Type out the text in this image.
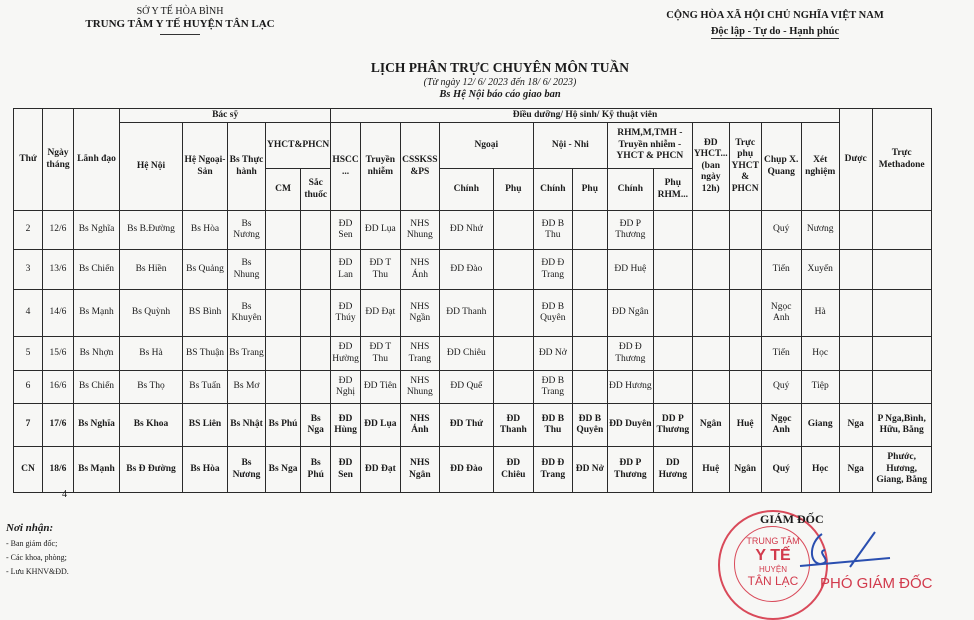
SỞ Y TẾ HÒA BÌNH
TRUNG TÂM Y TẾ HUYỆN TÂN LẠC
CỘNG HÒA XÃ HỘI CHỦ NGHĨA VIỆT NAM
Độc lập - Tự do - Hạnh phúc
LỊCH PHÂN TRỰC CHUYÊN MÔN TUẦN
(Từ ngày 12/ 6/ 2023 đến 18/ 6/ 2023)
Bs Hệ Nội báo cáo giao ban
Thứ	Ngày tháng	Lãnh đạo	Bác sỹ					Điều dưỡng/ Hộ sinh/ Kỹ thuật viên													Dược	Trực Methadone
			Hệ Nội	Hệ Ngoại-Sản	Bs Thực hành	YHCT&PHCN		HSCC ...	Truyền nhiễm	CSSKSS &PS	Ngoại		Nội - Nhi		RHM,M,TMH - Truyền nhiễm - YHCT & PHCN		ĐD YHCT... (ban ngày 12h)	Trực phụ YHCT & PHCN	Chụp X. Quang	Xét nghiệm		
						CM	Sắc thuốc				Chính	Phụ	Chính	Phụ	Chính	Phụ RHM...						
2	12/6	Bs Nghĩa	Bs B.Đường	Bs Hòa	Bs Nương			ĐD Sen	ĐD Lụa	NHS Nhung	ĐD Nhứ		ĐD B Thu		ĐD P Thương				Quý	Nương		
3	13/6	Bs Chiến	Bs Hiền	Bs Quảng	Bs Nhung			ĐD Lan	ĐD T Thu	NHS Ánh	ĐD Đào		ĐD Đ Trang		ĐD Huệ				Tiến	Xuyến		
4	14/6	Bs Mạnh	Bs Quỳnh	BS Bình	Bs Khuyên			ĐD Thúy	ĐD Đạt	NHS Ngần	ĐD Thanh		ĐD B Quyên		ĐD Ngân				Ngọc Anh	Hà		
5	15/6	Bs Nhợn	Bs Hà	BS Thuận	Bs Trang			ĐD Hường	ĐD T Thu	NHS Trang	ĐD Chiêu		ĐD Nở		ĐD Đ Thương				Tiến	Học		
6	16/6	Bs Chiến	Bs Thọ	Bs Tuấn	Bs Mơ			ĐD Nghị	ĐD Tiên	NHS Nhung	ĐD Quế		ĐD B Trang		ĐD Hương				Quý	Tiệp		
7	17/6	Bs Nghĩa	Bs Khoa	BS Liên	Bs Nhật	Bs Phú	Bs Nga	ĐD Hùng	ĐD Lụa	NHS Ánh	ĐD Thứ	ĐD Thanh	ĐD B Thu	ĐD B Quyên	ĐD Duyên	DD P Thương	Ngân	Huệ	Ngọc Anh	Giang	Nga	P Nga,Bình, Hữu, Bằng
CN	18/6	Bs Mạnh	Bs Đ Đường	Bs Hòa	Bs Nương	Bs Nga	Bs Phú	ĐD Sen	ĐD Đạt	NHS Ngân	ĐD Đào	ĐD Chiêu	ĐD Đ Trang	ĐD Nở	ĐD P Thương	DD Hương	Huệ	Ngân	Quý	Học	Nga	Phước, Hương, Giang, Bằng
4
Nơi nhận:
- Ban giám đốc;
- Các khoa, phòng;
- Lưu KHNV&ĐD.
TRUNG TÂM
Y TẾ
HUYỆN
TÂN LẠC
GIÁM ĐỐC
PHÓ GIÁM ĐỐC
